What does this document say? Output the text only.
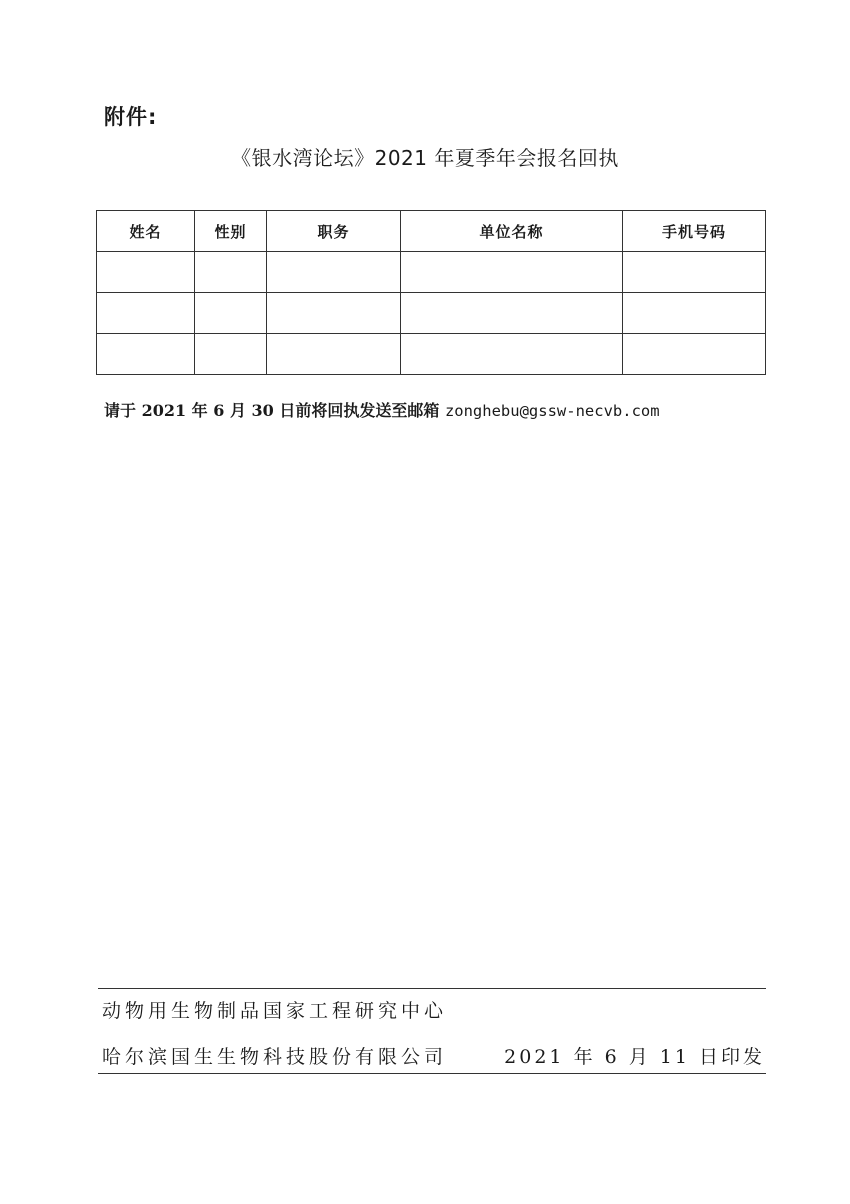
附件:
《银水湾论坛》2021 年夏季年会报名回执
姓名	性别	职务	单位名称	手机号码

请于 2021 年 6 月 30 日前将回执发送至邮箱 zonghebu@gssw-necvb.com
动物用生物制品国家工程研究中心
哈尔滨国生生物科技股份有限公司	2021 年 6 月 11 日印发
